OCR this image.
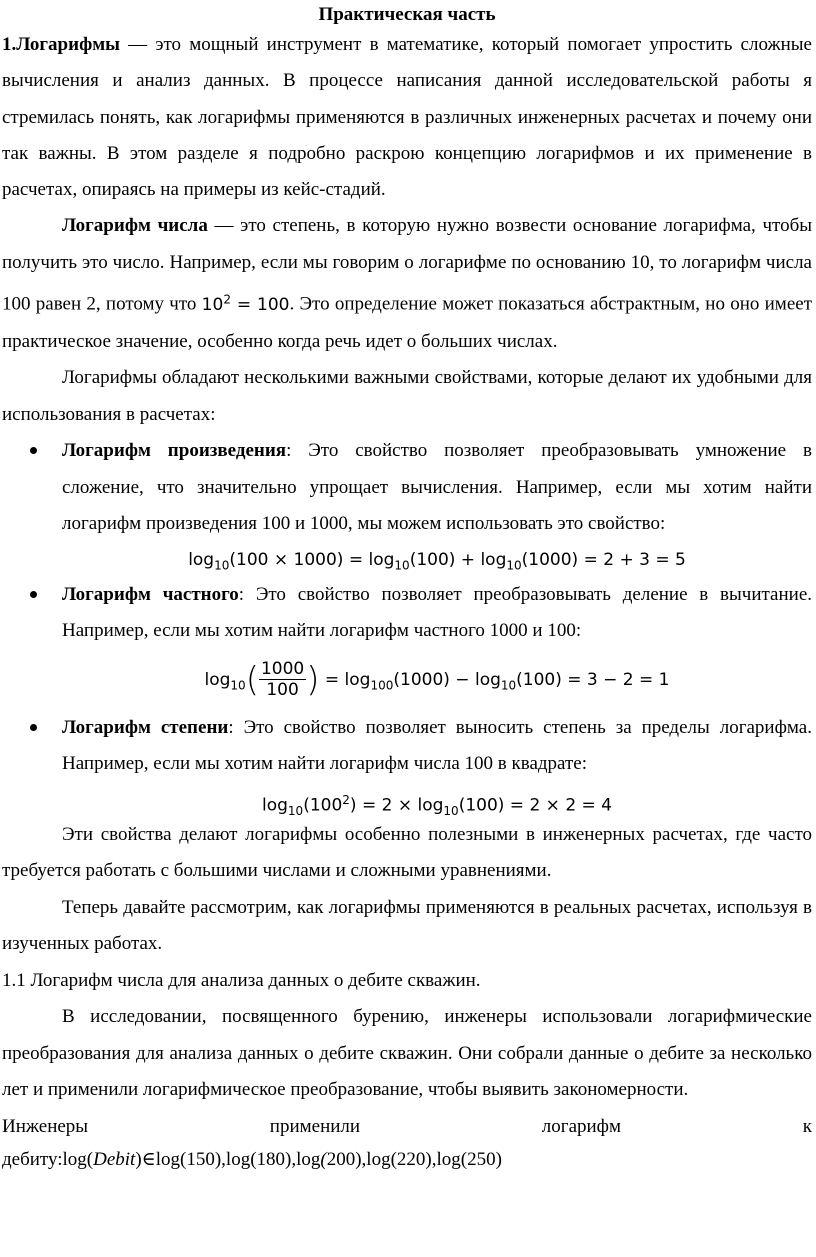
Практическая часть

1.Логарифмы — это мощный инструмент в математике, который помогает упростить сложные вычисления и анализ данных. В процессе написания данной исследовательской работы я стремилась понять, как логарифмы применяются в различных инженерных расчетах и почему они так важны. В этом разделе я подробно раскрою концепцию логарифмов и их применение в расчетах, опираясь на примеры из кейс-стадий.

Логарифм числа — это степень, в которую нужно возвести основание логарифма, чтобы получить это число. Например, если мы говорим о логарифме по основанию 10, то логарифм числа 100 равен 2, потому что $10^2 = 100$. Это определение может показаться абстрактным, но оно имеет практическое значение, особенно когда речь идет о больших числах.

Логарифмы обладают несколькими важными свойствами, которые делают их удобными для использования в расчетах:

Логарифм произведения: Это свойство позволяет преобразовывать умножение в сложение, что значительно упрощает вычисления. Например, если мы хотим найти логарифм произведения 100 и 1000, мы можем использовать это свойство:
$\log_{10}(100 \times 1000) = \log_{10}(100) + \log_{10}(1000) = 2 + 3 = 5$
Логарифм частного: Это свойство позволяет преобразовывать деление в вычитание. Например, если мы хотим найти логарифм частного 1000 и 100:
$\log_{10}( \frac{1000}{100}$ ) = $\log_{100}(1000) - \log_{10}(100) = 3 - 2 = 1$
Логарифм степени: Это свойство позволяет выносить степень за пределы логарифма. Например, если мы хотим найти логарифм числа 100 в квадрате:
$\log_{10}(100^2) = 2 \times \log_{10}(100) = 2 \times 2 = 4$

Эти свойства делают логарифмы особенно полезными в инженерных расчетах, где часто требуется работать с большими числами и сложными уравнениями.

Теперь давайте рассмотрим, как логарифмы применяются в реальных расчетах, используя в изученных работах.

1.1 Логарифм числа для анализа данных о дебите скважин.

В исследовании, посвященного бурению, инженеры использовали логарифмические преобразования для анализа данных о дебите скважин. Они собрали данные о дебите за несколько лет и применили логарифмическое преобразование, чтобы выявить закономерности.

Инженеры	применили	логарифм	к
дебиту:log(Debit)∈log(150),log(180),log(200),log(220),log(250)
